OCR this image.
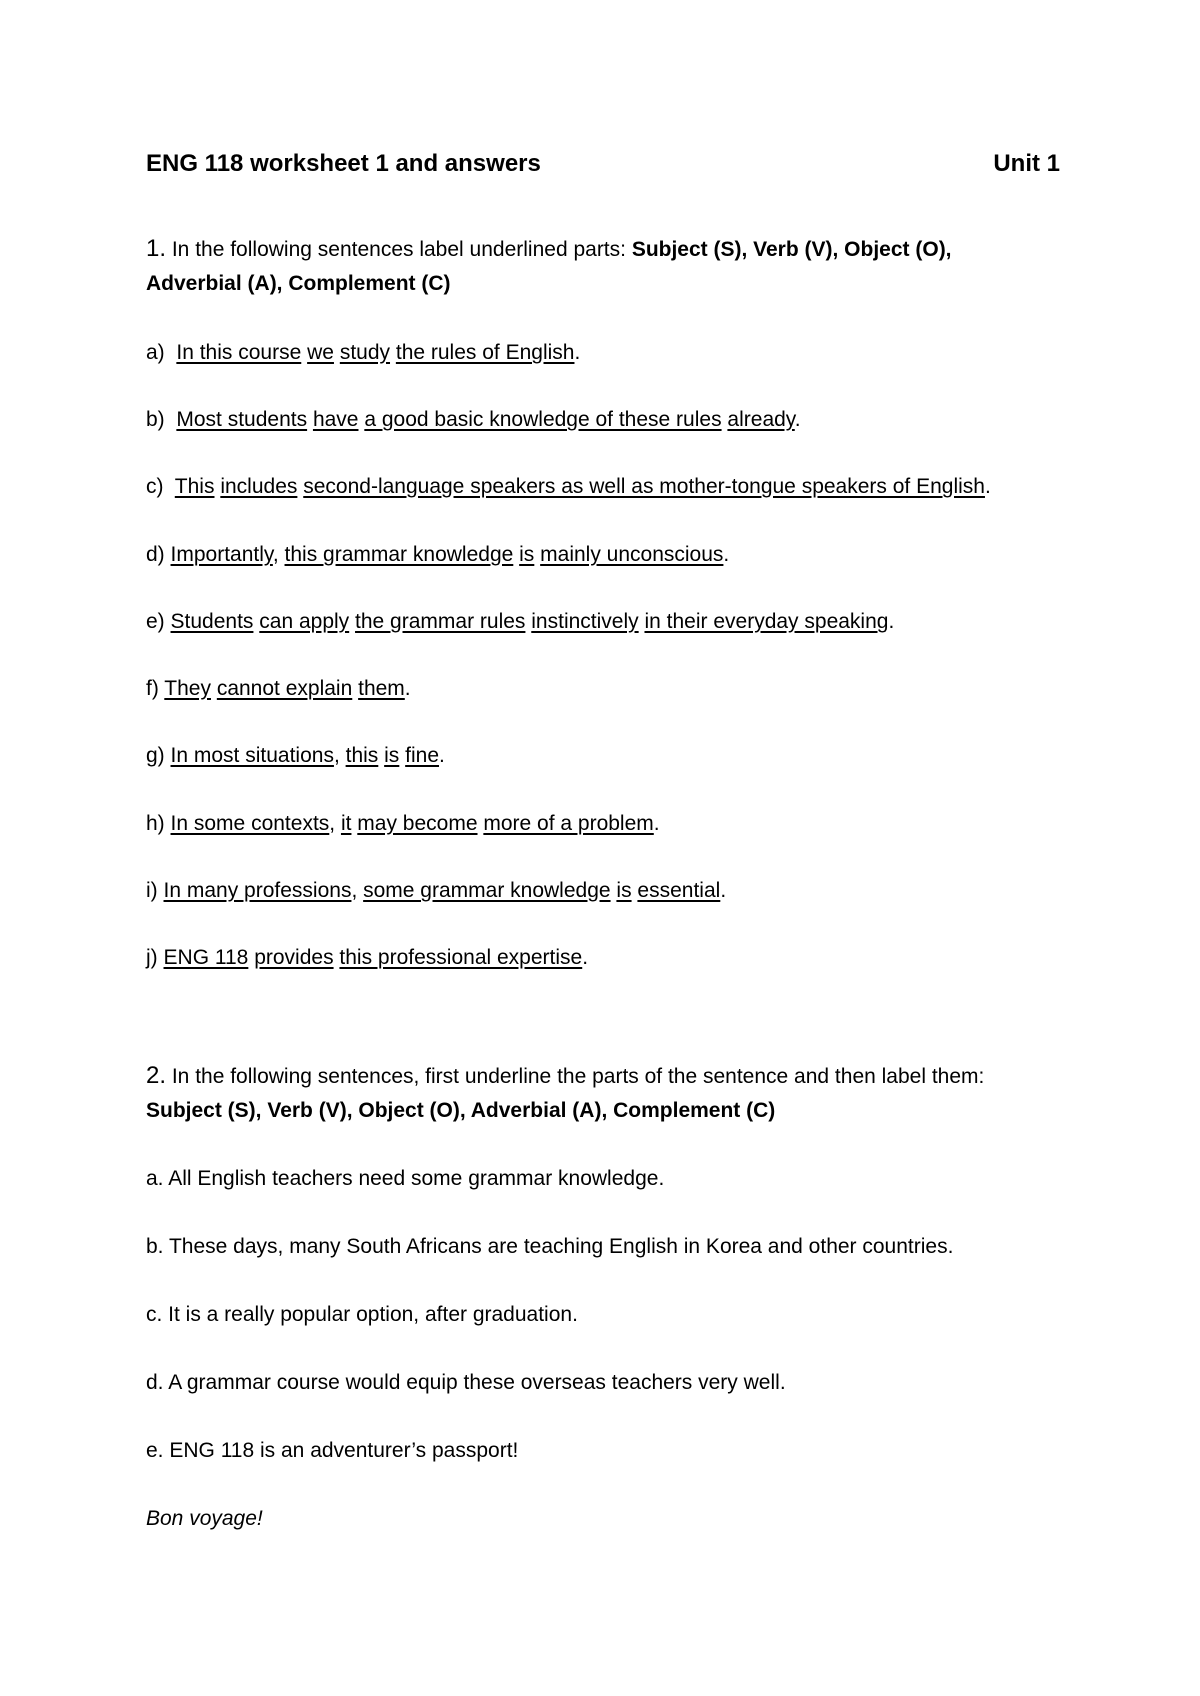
ENG 118 worksheet 1 and answers	Unit 1
1. In the following sentences label underlined parts: Subject (S), Verb (V), Object (O),
Adverbial (A), Complement (C)
a) In this course we study the rules of English.
b) Most students have a good basic knowledge of these rules already.
c) This includes second-language speakers as well as mother-tongue speakers of English.
d) Importantly, this grammar knowledge is mainly unconscious.
e) Students can apply the grammar rules instinctively in their everyday speaking.
f) They cannot explain them.
g) In most situations, this is fine.
h) In some contexts, it may become more of a problem.
i) In many professions, some grammar knowledge is essential.
j) ENG 118 provides this professional expertise.
2. In the following sentences, first underline the parts of the sentence and then label them:
Subject (S), Verb (V), Object (O), Adverbial (A), Complement (C)
a. All English teachers need some grammar knowledge.
b. These days, many South Africans are teaching English in Korea and other countries.
c. It is a really popular option, after graduation.
d. A grammar course would equip these overseas teachers very well.
e. ENG 118 is an adventurer’s passport!
Bon voyage!
